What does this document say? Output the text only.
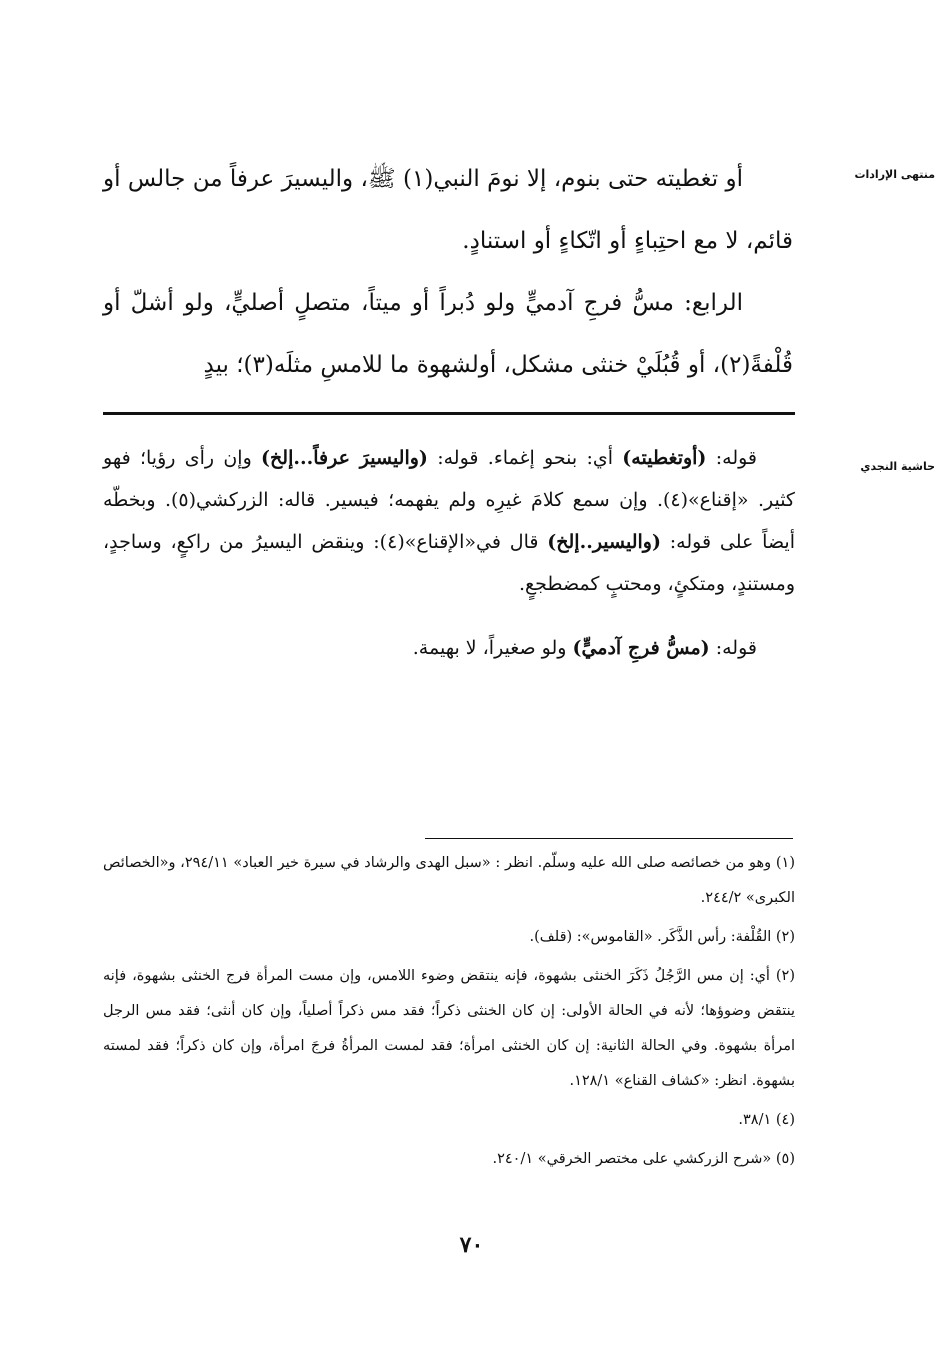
منتهى الإرادات
حاشية النجدي

أو تغطيته حتى بنوم، إلا نومَ النبي(١) ﷺ، واليسيرَ عرفاً من جالس أو قائم، لا مع احتِباءٍ أو اتّكاءٍ أو استنادٍ.

الرابع: مسُّ فرجِ آدميٍّ ولو دُبراً أو ميتاً، متصلٍ أصليٍّ، ولو أشلّ أو قُلْفةً(٢)، أو قُبُلَيْ خنثى مشكل، أولشهوة ما للامسِ مثلَه(٣)؛ بيدٍ

قوله: (أوتغطيته) أي: بنحو إغماء. قوله: (واليسيرَ عرفاً...إلخ) وإن رأى رؤيا؛ فهو كثير. «إقناع»(٤). وإن سمع كلامَ غيرِه ولم يفهمه؛ فيسير. قاله: الزركشي(٥). وبخطّه أيضاً على قوله: (واليسير..إلخ) قال في«الإقناع»(٤): وينقض اليسيرُ من راكعٍ، وساجدٍ، ومستندٍ، ومتكئٍ، ومحتبٍ كمضطجعٍ.

قوله: (مسُّ فرجِ آدميٍّ) ولو صغيراً، لا بهيمة.

(١) وهو من خصائصه صلى الله عليه وسلّم. انظر : «سبل الهدى والرشاد في سيرة خير العباد» ٢٩٤/١١، و«الخصائص الكبرى» ٢٤٤/٢.

(٢) القُلْفة: رأس الذَّكَر. «القاموس»: (قلف).

(٢) أي: إن مس الرَّجُلُ ذَكَرَ الخنثى بشهوة، فإنه ينتقض وضوء اللامس، وإن مست المرأة فرج الخنثى بشهوة، فإنه ينتقض وضوؤها؛ لأنه في الحالة الأولى: إن كان الخنثى ذكراً؛ فقد مس ذكراً أصلياً، وإن كان أنثى؛ فقد مس الرجل امرأة بشهوة. وفي الحالة الثانية: إن كان الخنثى امرأة؛ فقد لمست المرأةُ فرجَ امرأة، وإن كان ذكراً؛ فقد لمسته بشهوة. انظر: «كشاف القناع» ١٢٨/١.

(٤) ٣٨/١.

(٥) «شرح الزركشي على مختصر الخرقي» ٢٤٠/١.

٧٠
